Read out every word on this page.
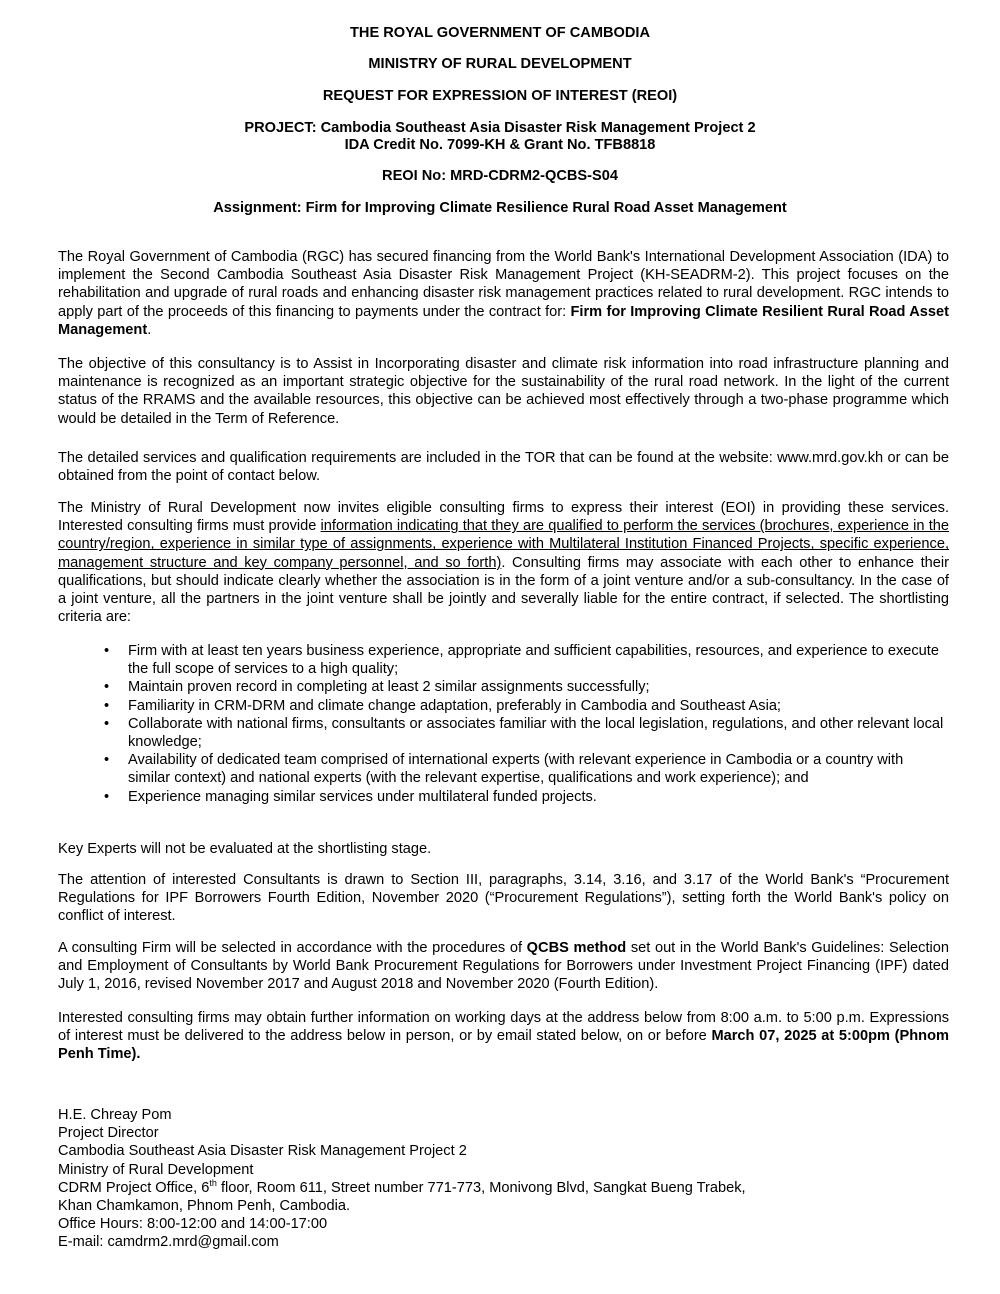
THE ROYAL GOVERNMENT OF CAMBODIA
MINISTRY OF RURAL DEVELOPMENT
REQUEST FOR EXPRESSION OF INTEREST (REOI)
PROJECT: Cambodia Southeast Asia Disaster Risk Management Project 2
IDA Credit No. 7099-KH & Grant No. TFB8818
REOI No: MRD-CDRM2-QCBS-S04
Assignment: Firm for Improving Climate Resilience Rural Road Asset Management
The Royal Government of Cambodia (RGC) has secured financing from the World Bank's International Development Association (IDA) to implement the Second Cambodia Southeast Asia Disaster Risk Management Project (KH-SEADRM-2). This project focuses on the rehabilitation and upgrade of rural roads and enhancing disaster risk management practices related to rural development. RGC intends to apply part of the proceeds of this financing to payments under the contract for: Firm for Improving Climate Resilient Rural Road Asset Management.
The objective of this consultancy is to Assist in Incorporating disaster and climate risk information into road infrastructure planning and maintenance is recognized as an important strategic objective for the sustainability of the rural road network. In the light of the current status of the RRAMS and the available resources, this objective can be achieved most effectively through a two-phase programme which would be detailed in the Term of Reference.
The detailed services and qualification requirements are included in the TOR that can be found at the website: www.mrd.gov.kh or can be obtained from the point of contact below.
The Ministry of Rural Development now invites eligible consulting firms to express their interest (EOI) in providing these services. Interested consulting firms must provide information indicating that they are qualified to perform the services (brochures, experience in the country/region, experience in similar type of assignments, experience with Multilateral Institution Financed Projects, specific experience, management structure and key company personnel, and so forth). Consulting firms may associate with each other to enhance their qualifications, but should indicate clearly whether the association is in the form of a joint venture and/or a sub-consultancy. In the case of a joint venture, all the partners in the joint venture shall be jointly and severally liable for the entire contract, if selected. The shortlisting criteria are:
• Firm with at least ten years business experience, appropriate and sufficient capabilities, resources, and experience to execute the full scope of services to a high quality;
• Maintain proven record in completing at least 2 similar assignments successfully;
• Familiarity in CRM-DRM and climate change adaptation, preferably in Cambodia and Southeast Asia;
• Collaborate with national firms, consultants or associates familiar with the local legislation, regulations, and other relevant local knowledge;
• Availability of dedicated team comprised of international experts (with relevant experience in Cambodia or a country with similar context) and national experts (with the relevant expertise, qualifications and work experience); and
• Experience managing similar services under multilateral funded projects.
Key Experts will not be evaluated at the shortlisting stage.
The attention of interested Consultants is drawn to Section III, paragraphs, 3.14, 3.16, and 3.17 of the World Bank's “Procurement Regulations for IPF Borrowers Fourth Edition, November 2020 (“Procurement Regulations”), setting forth the World Bank's policy on conflict of interest.
A consulting Firm will be selected in accordance with the procedures of QCBS method set out in the World Bank's Guidelines: Selection and Employment of Consultants by World Bank Procurement Regulations for Borrowers under Investment Project Financing (IPF) dated July 1, 2016, revised November 2017 and August 2018 and November 2020 (Fourth Edition).
Interested consulting firms may obtain further information on working days at the address below from 8:00 a.m. to 5:00 p.m. Expressions of interest must be delivered to the address below in person, or by email stated below, on or before March 07, 2025 at 5:00pm (Phnom Penh Time).
H.E. Chreay Pom
Project Director
Cambodia Southeast Asia Disaster Risk Management Project 2
Ministry of Rural Development
CDRM Project Office, 6th floor, Room 611, Street number 771-773, Monivong Blvd, Sangkat Bueng Trabek,
Khan Chamkamon, Phnom Penh, Cambodia.
Office Hours: 8:00-12:00 and 14:00-17:00
E-mail: camdrm2.mrd@gmail.com
